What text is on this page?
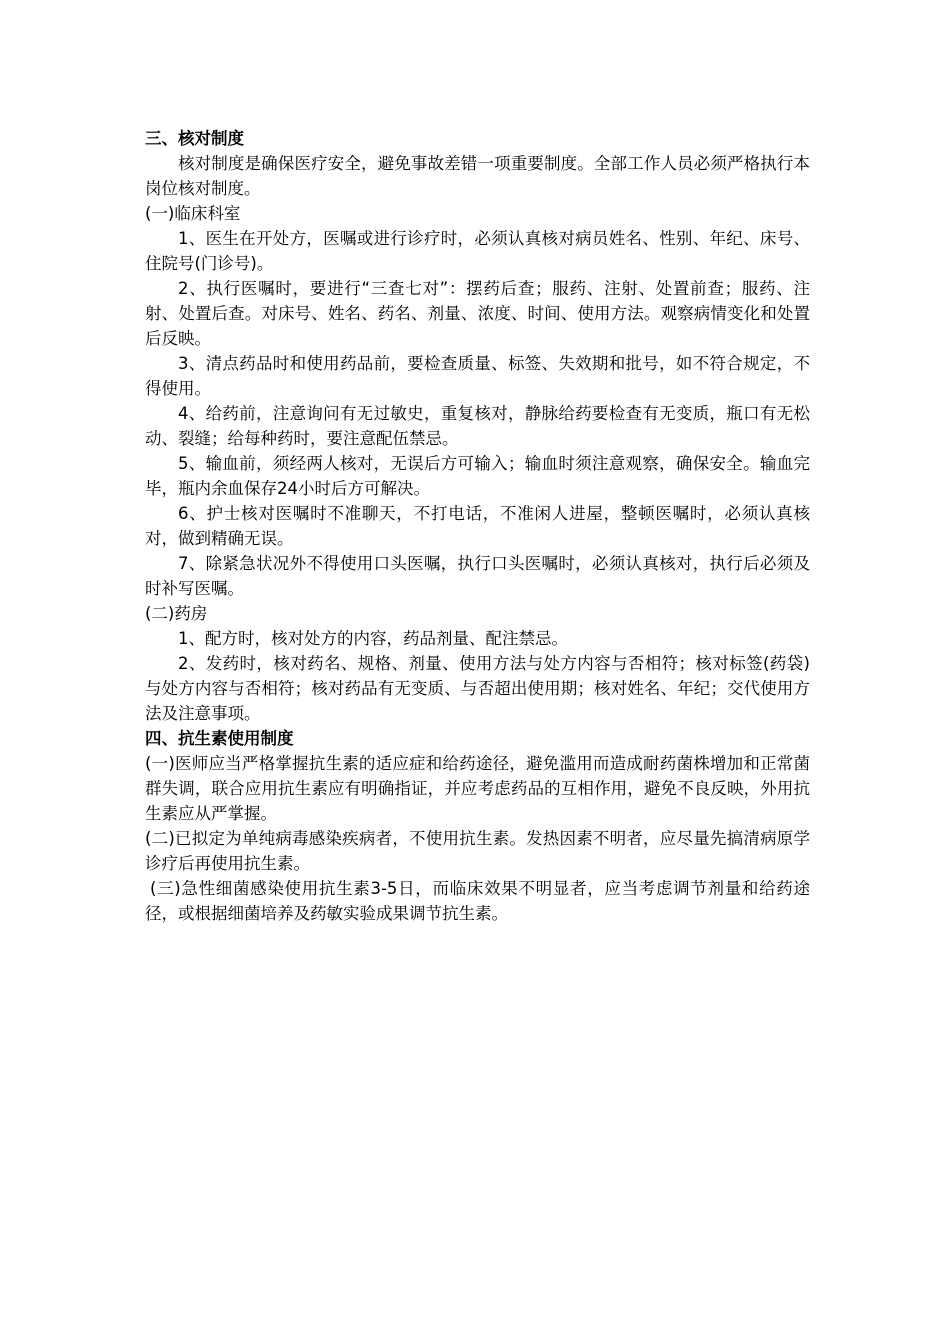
三、核对制度

核对制度是确保医疗安全，避免事故差错一项重要制度。全部工作人员必须严格执行本岗位核对制度。

(一)临床科室

1、医生在开处方，医嘱或进行诊疗时，必须认真核对病员姓名、性别、年纪、床号、住院号(门诊号)。

2、执行医嘱时，要进行“三查七对”：摆药后查；服药、注射、处置前查；服药、注射、处置后查。对床号、姓名、药名、剂量、浓度、时间、使用方法。观察病情变化和处置后反映。

3、清点药品时和使用药品前，要检查质量、标签、失效期和批号，如不符合规定，不得使用。

4、给药前，注意询问有无过敏史，重复核对，静脉给药要检查有无变质，瓶口有无松动、裂缝；给每种药时，要注意配伍禁忌。

5、输血前，须经两人核对，无误后方可输入；输血时须注意观察，确保安全。输血完毕，瓶内余血保存24小时后方可解决。

6、护士核对医嘱时不准聊天，不打电话，不准闲人进屋，整顿医嘱时，必须认真核对，做到精确无误。

7、除紧急状况外不得使用口头医嘱，执行口头医嘱时，必须认真核对，执行后必须及时补写医嘱。

(二)药房

1、配方时，核对处方的内容，药品剂量、配注禁忌。

2、发药时，核对药名、规格、剂量、使用方法与处方内容与否相符；核对标签(药袋)与处方内容与否相符；核对药品有无变质、与否超出使用期；核对姓名、年纪；交代使用方法及注意事项。

四、抗生素使用制度

(一)医师应当严格掌握抗生素的适应症和给药途径，避免滥用而造成耐药菌株增加和正常菌群失调，联合应用抗生素应有明确指证，并应考虑药品的互相作用，避免不良反映，外用抗生素应从严掌握。

(二)已拟定为单纯病毒感染疾病者，不使用抗生素。发热因素不明者，应尽量先搞清病原学诊疗后再使用抗生素。

(三)急性细菌感染使用抗生素3-5日，而临床效果不明显者，应当考虑调节剂量和给药途径，或根据细菌培养及药敏实验成果调节抗生素。
